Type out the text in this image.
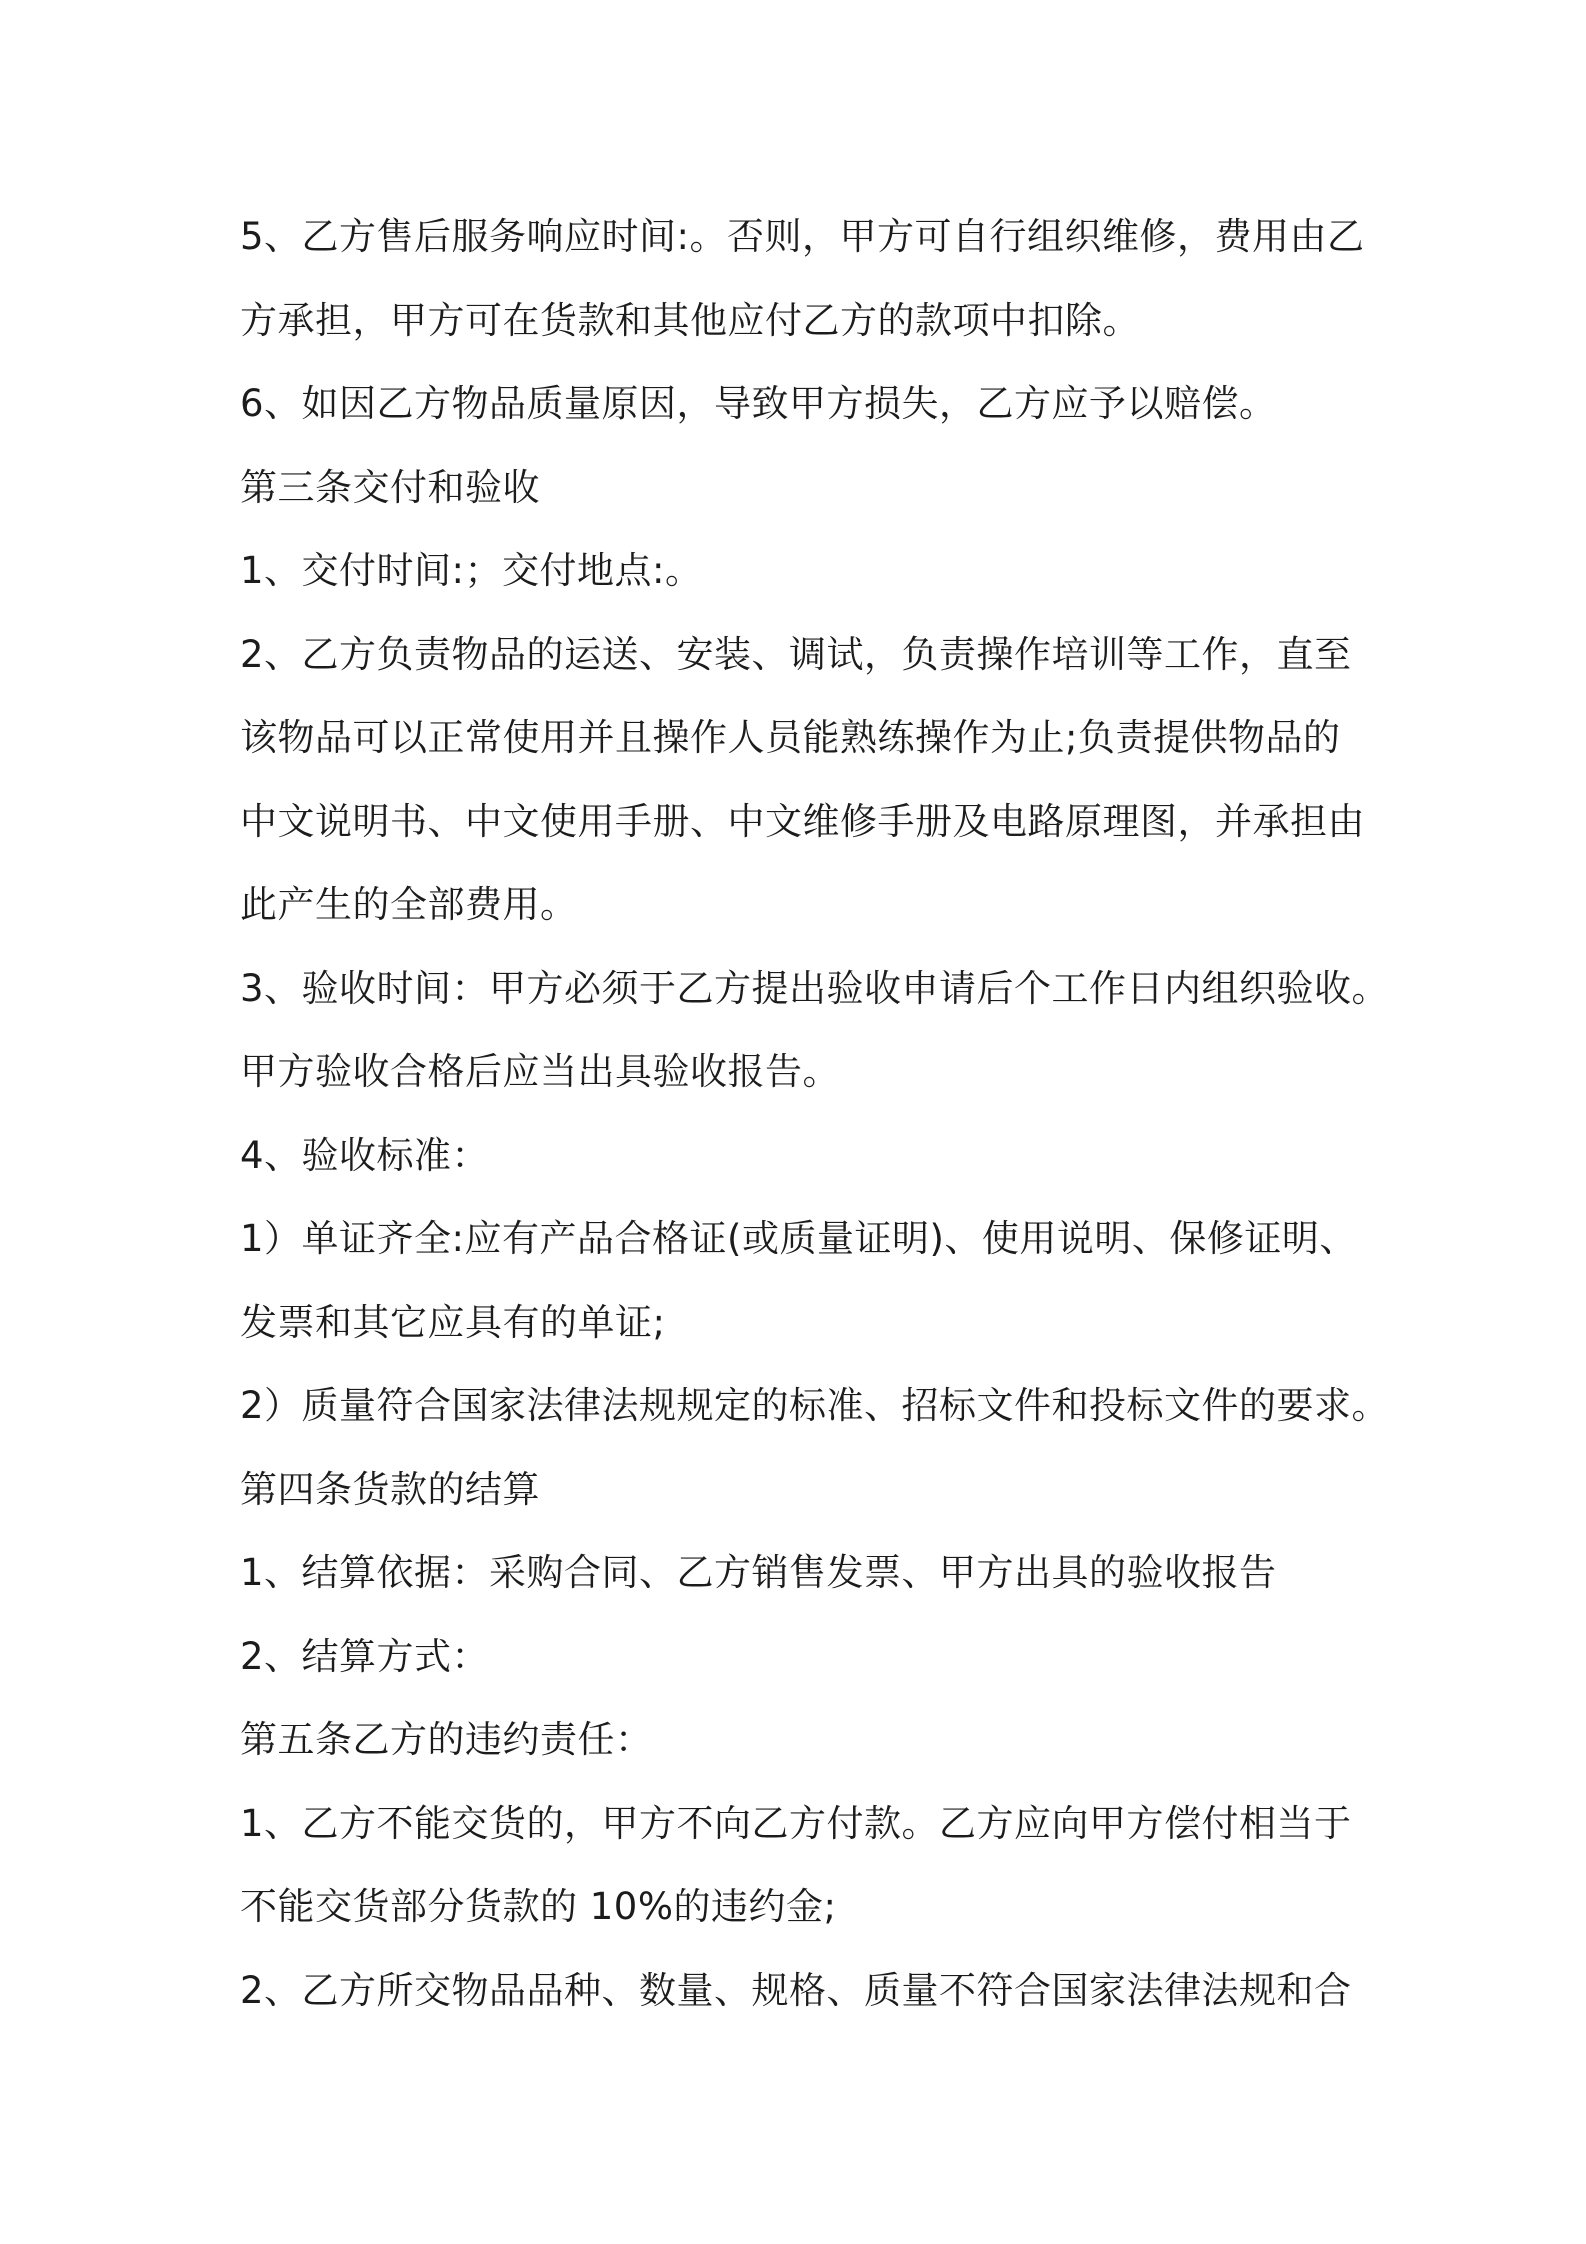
5、乙方售后服务响应时间:。否则，甲方可自行组织维修，费用由乙
方承担，甲方可在货款和其他应付乙方的款项中扣除。
6、如因乙方物品质量原因，导致甲方损失，乙方应予以赔偿。
第三条交付和验收
1、交付时间:；交付地点:。
2、乙方负责物品的运送、安装、调试，负责操作培训等工作，直至
该物品可以正常使用并且操作人员能熟练操作为止;负责提供物品的
中文说明书、中文使用手册、中文维修手册及电路原理图，并承担由
此产生的全部费用。
3、验收时间：甲方必须于乙方提出验收申请后个工作日内组织验收。
甲方验收合格后应当出具验收报告。
4、验收标准：
1）单证齐全:应有产品合格证(或质量证明)、使用说明、保修证明、
发票和其它应具有的单证;
2）质量符合国家法律法规规定的标准、招标文件和投标文件的要求。
第四条货款的结算
1、结算依据：采购合同、乙方销售发票、甲方出具的验收报告
2、结算方式：
第五条乙方的违约责任：
1、乙方不能交货的，甲方不向乙方付款。乙方应向甲方偿付相当于
不能交货部分货款的 10%的违约金;
2、乙方所交物品品种、数量、规格、质量不符合国家法律法规和合
